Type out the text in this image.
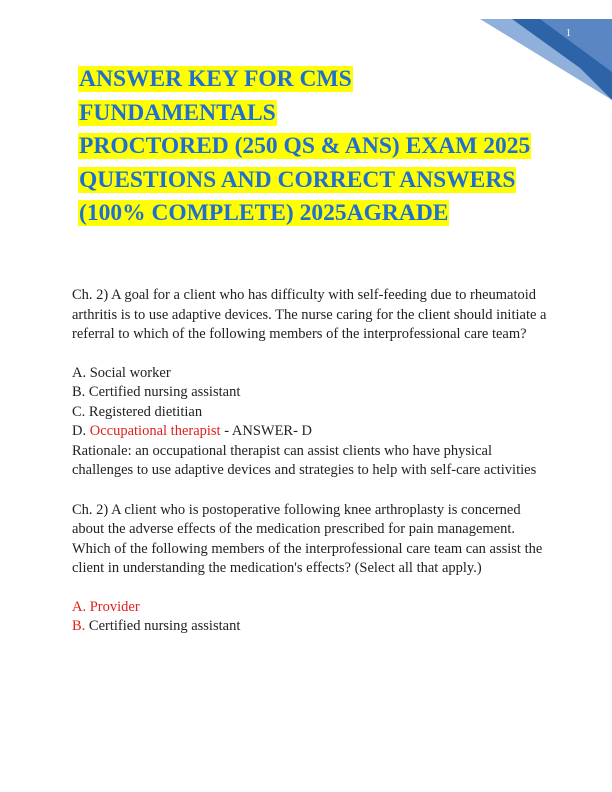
1
ANSWER KEY FOR CMS
FUNDAMENTALS
PROCTORED (250 QS & ANS) EXAM 2025
QUESTIONS AND CORRECT ANSWERS
(100% COMPLETE) 2025AGRADE

Ch. 2) A goal for a client who has difficulty with self-feeding due to rheumatoid arthritis is to use adaptive devices. The nurse caring for the client should initiate a referral to which of the following members of the interprofessional care team?

A. Social worker

B. Certified nursing assistant

C. Registered dietitian

D. Occupational therapist - ANSWER- D

Rationale: an occupational therapist can assist clients who have physical challenges to use adaptive devices and strategies to help with self-care activities

Ch. 2) A client who is postoperative following knee arthroplasty is concerned about the adverse effects of the medication prescribed for pain management. Which of the following members of the interprofessional care team can assist the client in understanding the medication's effects? (Select all that apply.)

A. Provider

B. Certified nursing assistant
